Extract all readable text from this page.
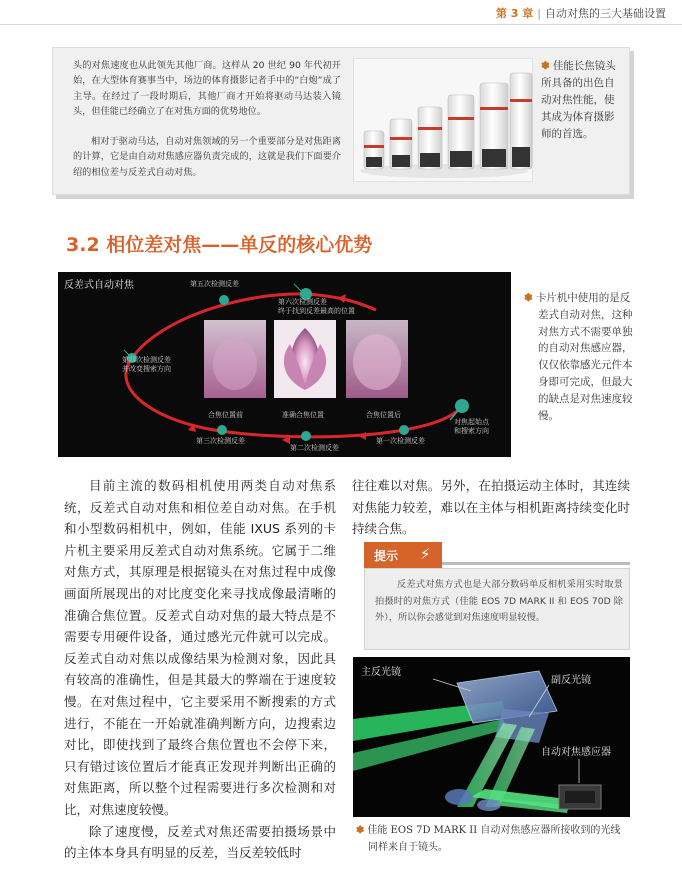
第 3 章 | 自动对焦的三大基础设置

头的对焦速度也从此领先其他厂商。这样从 20 世纪 90 年代初开始，在大型体育赛事当中，场边的体育摄影记者手中的“白炮”成了主导。在经过了一段时期后，其他厂商才开始将驱动马达装入镜头，但佳能已经确立了在对焦方面的优势地位。

相对于驱动马达，自动对焦领域的另一个重要部分是对焦距离的计算，它是由自动对焦感应器负责完成的，这就是我们下面要介绍的相位差与反差式自动对焦。

✽ 佳能长焦镜头所具备的出色自动对焦性能，使其成为体育摄影师的首选。
3.2 相位差对焦——单反的核心优势
反差式自动对焦	第五次检测反差
第六次检测反差
终于找到反差最高的位置
第四次检测反差
并改变搜索方向
合焦位置前	准确合焦位置	合焦位置后
对焦起始点
和搜索方向
第三次检测反差
第二次检测反差
第一次检测反差
✽ 卡片机中使用的是反差式自动对焦，这种对焦方式不需要单独的自动对焦感应器，仅仅依靠感光元件本身即可完成，但最大的缺点是对焦速度较慢。

目前主流的数码相机使用两类自动对焦系统，反差式自动对焦和相位差自动对焦。在手机和小型数码相机中，例如，佳能 IXUS 系列的卡片机主要采用反差式自动对焦系统。它属于二维对焦方式，其原理是根据镜头在对焦过程中成像画面所展现出的对比度变化来寻找成像最清晰的准确合焦位置。反差式自动对焦的最大特点是不需要专用硬件设备，通过感光元件就可以完成。反差式自动对焦以成像结果为检测对象，因此具有较高的准确性，但是其最大的弊端在于速度较慢。在对焦过程中，它主要采用不断搜索的方式进行，不能在一开始就准确判断方向，边搜索边对比，即使找到了最终合焦位置也不会停下来，只有错过该位置后才能真正发现并判断出正确的对焦距离，所以整个过程需要进行多次检测和对比，对焦速度较慢。

除了速度慢，反差式对焦还需要拍摄场景中的主体本身具有明显的反差，当反差较低时

往往难以对焦。另外，在拍摄运动主体时，其连续对焦能力较差，难以在主体与相机距离持续变化时持续合焦。

提示 ⚡

反差式对焦方式也是大部分数码单反相机采用实时取景拍摄时的对焦方式（佳能 EOS 7D MARK II 和 EOS 70D 除外），所以你会感觉到对焦速度明显较慢。

主反光镜
副反光镜
自动对焦感应器
✽ 佳能 EOS 7D MARK II 自动对焦感应器所接收到的光线同样来自于镜头。
